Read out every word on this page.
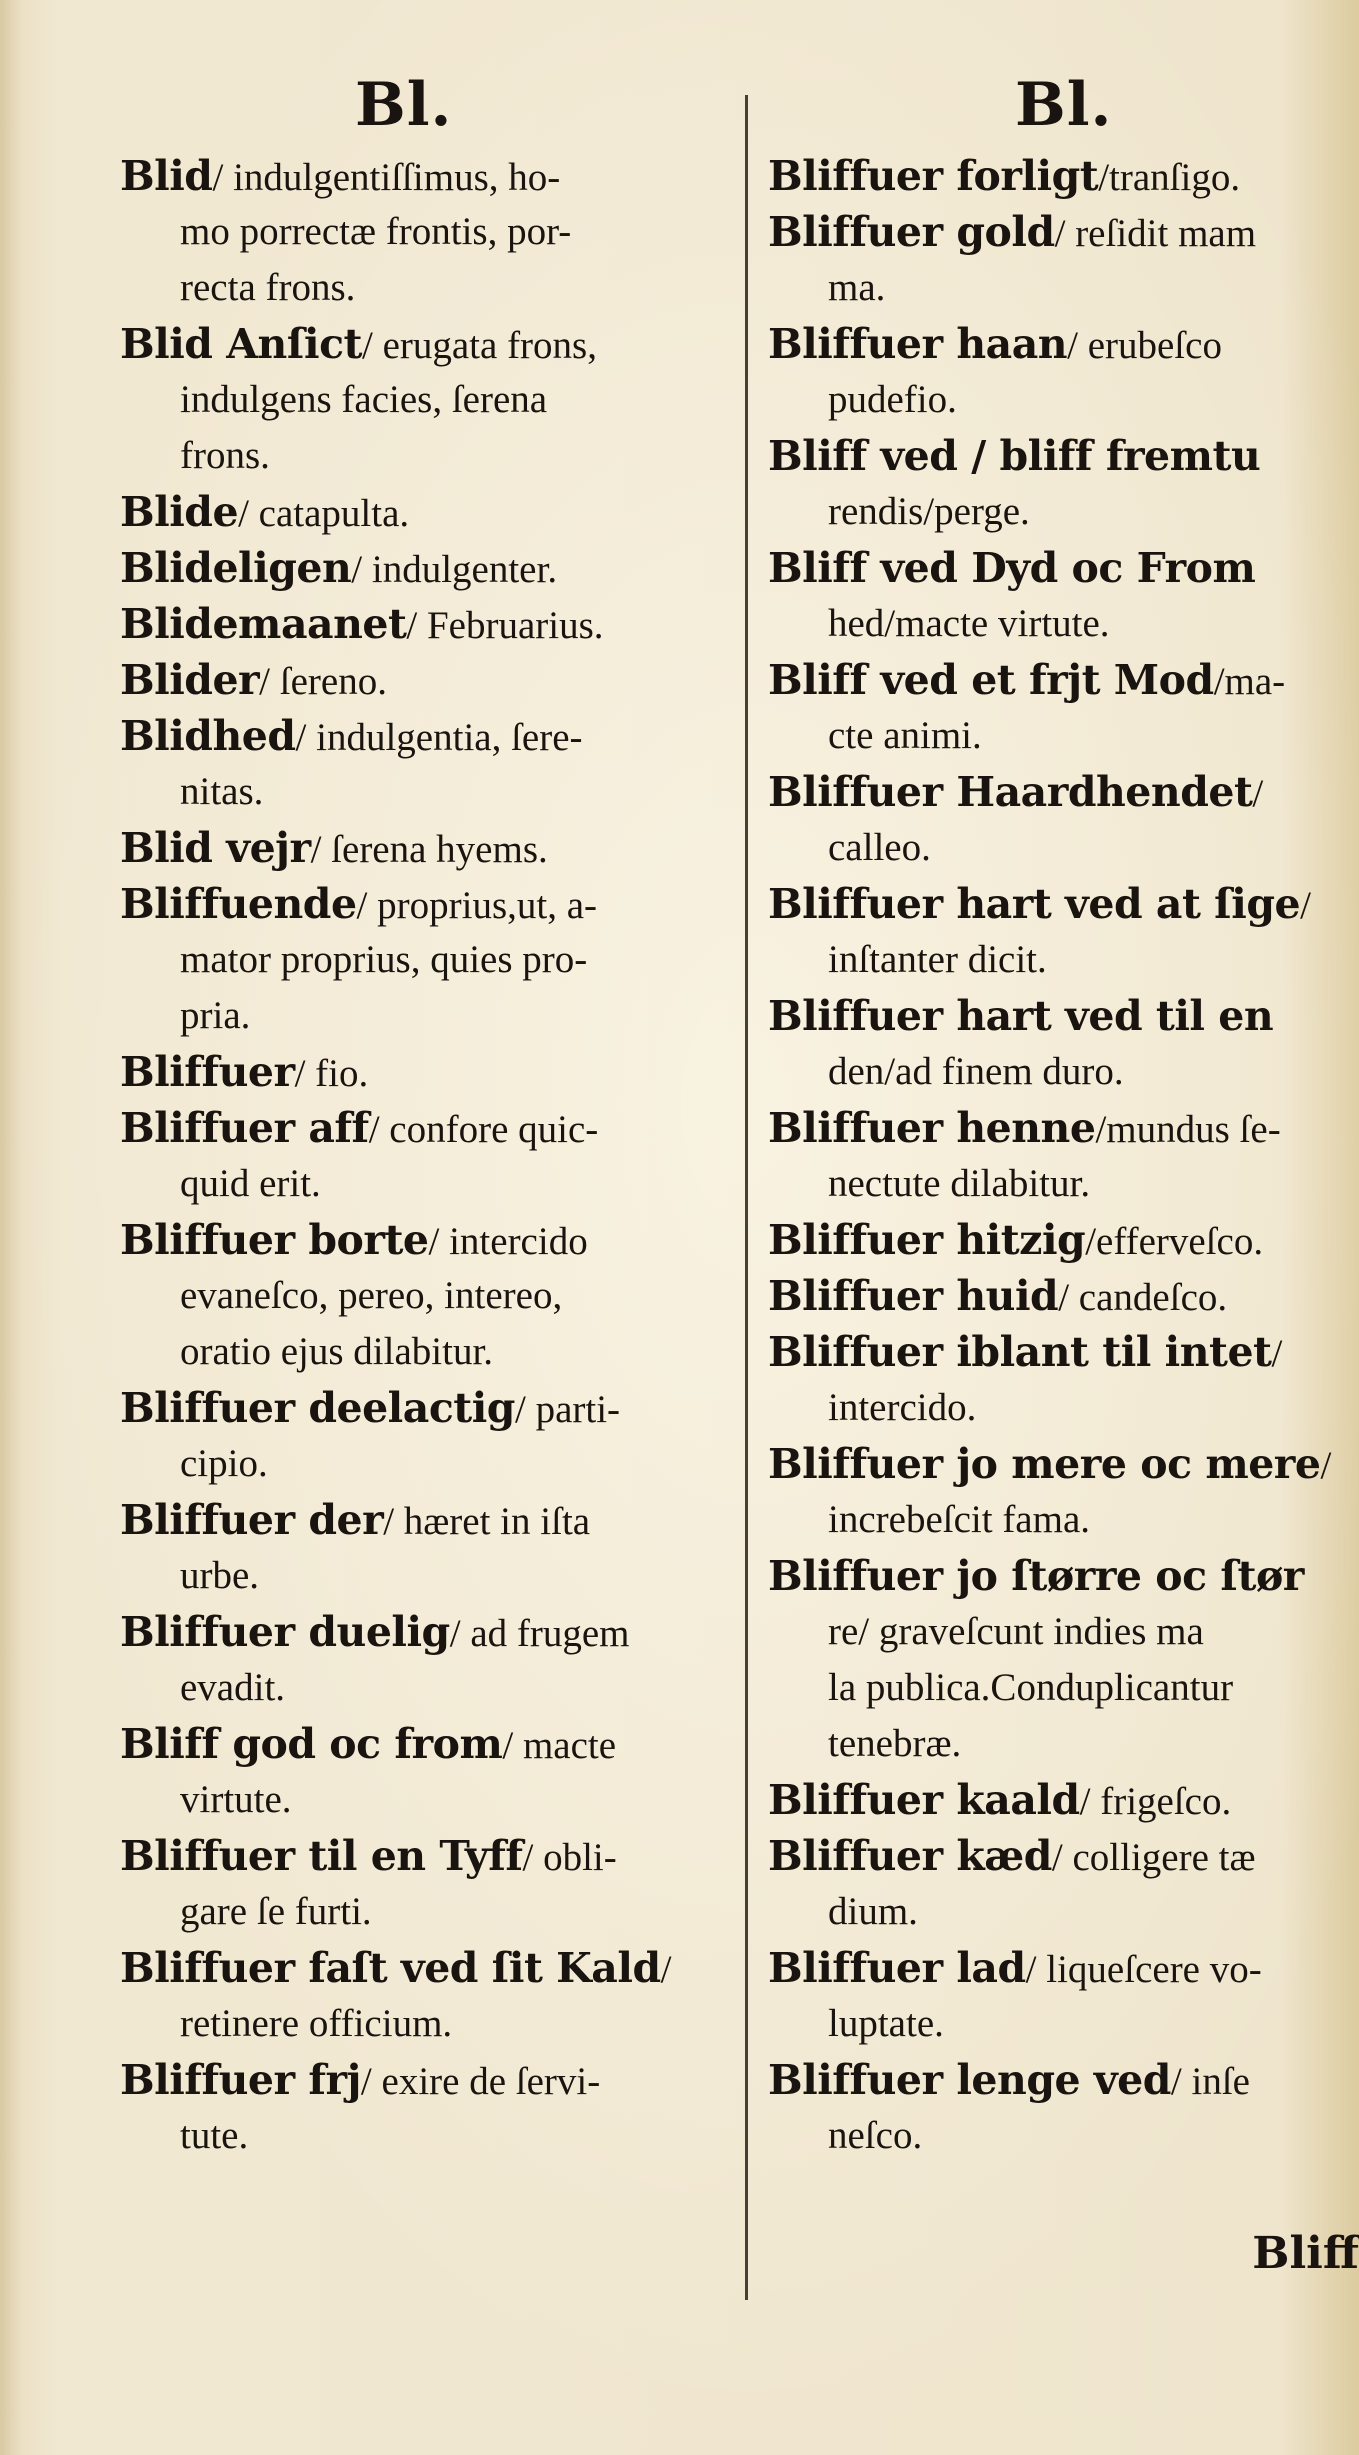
Bl.	Bl.
Blid/ indulgentiſſimus, ho-
mo porrectæ frontis, por-
recta frons.
Blid Anſict/ erugata frons,
indulgens facies, ſerena
frons.
Blide/ catapulta.
Blideligen/ indulgenter.
Blidemaanet/ Februarius.
Blider/ ſereno.
Blidhed/ indulgentia, ſere-
nitas.
Blid vejr/ ſerena hyems.
Bliffuende/ proprius,ut, a-
mator proprius, quies pro-
pria.
Bliffuer/ fio.
Bliffuer aff/ confore quic-
quid erit.
Bliffuer borte/ intercido
evaneſco, pereo, intereo,
oratio ejus dilabitur.
Bliffuer deelactig/ parti-
cipio.
Bliffuer der/ hæret in iſta
urbe.
Bliffuer duelig/ ad frugem
evadit.
Bliff god oc from/ macte
virtute.
Bliffuer til en Tyff/ obli-
gare ſe furti.
Bliffuer faſt ved ſit Kald/
retinere officium.
Bliffuer frj/ exire de ſervi-
tute.
Bliffuer forligt/tranſigo.
Bliffuer gold/ reſidit mam
ma.
Bliffuer haan/ erubeſco
pudefio.
Bliff ved / bliff fremtu
rendis/perge.
Bliff ved Dyd oc From
hed/macte virtute.
Bliff ved et frjt Mod/ma-
cte animi.
Bliffuer Haardhendet/
calleo.
Bliffuer hart ved at ſige/
inſtanter dicit.
Bliffuer hart ved til en
den/ad finem duro.
Bliffuer henne/mundus ſe-
nectute dilabitur.
Bliffuer hitzig/efferveſco.
Bliffuer huid/ candeſco.
Bliffuer iblant til intet/
intercido.
Bliffuer jo mere oc mere/
increbeſcit fama.
Bliffuer jo ſtørre oc ſtør
re/ graveſcunt indies ma
la publica.Conduplicantur
tenebræ.
Bliffuer kaald/ frigeſco.
Bliffuer kæd/ colligere tæ
dium.
Bliffuer lad/ liqueſcere vo-
luptate.
Bliffuer lenge ved/ inſe
neſco.
Bliff
